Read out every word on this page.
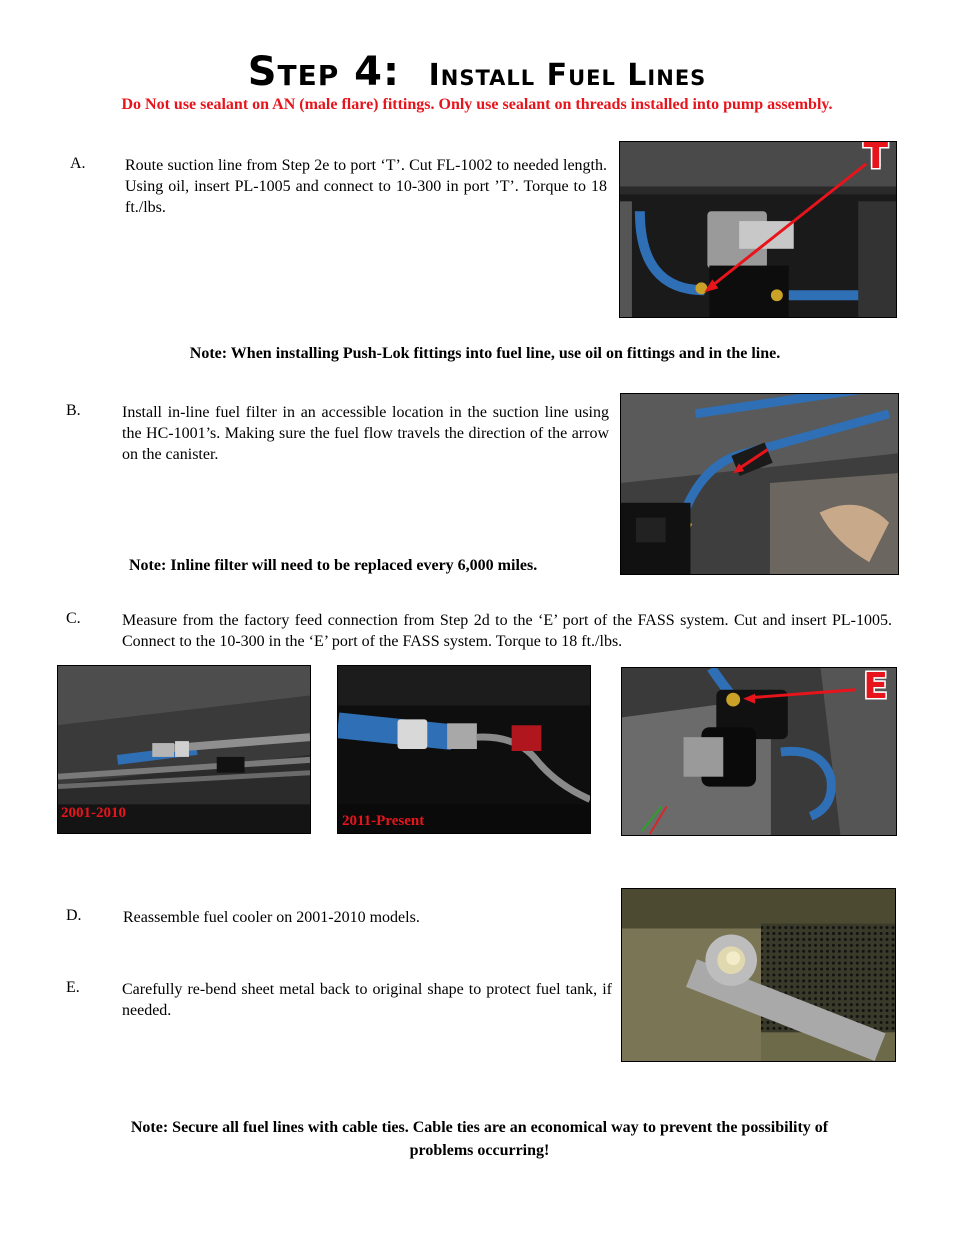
Step 4: Install Fuel Lines
Do Not use sealant on AN (male flare) fittings. Only use sealant on threads installed into pump assembly.
A. Route suction line from Step 2e to port ‘T’. Cut FL-1002 to needed length. Using oil, insert PL-1005 and connect to 10-300 in port ’T’. Torque to 18 ft./lbs.
T
Note: When installing Push-Lok fittings into fuel line, use oil on fittings and in the line.
B.	Install in-line fuel filter in an accessible location in the suction line using the HC-1001’s. Making sure the fuel flow travels the direction of the arrow on the canister.
Note: Inline filter will need to be replaced every 6,000 miles.
C.	Measure from the factory feed connection from Step 2d to the ‘E’ port of the FASS system. Cut and insert PL-1005. Connect to the 10-300 in the ‘E’ port of the FASS system. Torque to 18 ft./lbs.
2001-2010	2011-Present
E
D.	Reassemble fuel cooler on 2001-2010 models.
E.	Carefully re-bend sheet metal back to original shape to protect fuel tank, if needed.
Note: Secure all fuel lines with cable ties. Cable ties are an economical way to prevent the possibility of problems occurring!
